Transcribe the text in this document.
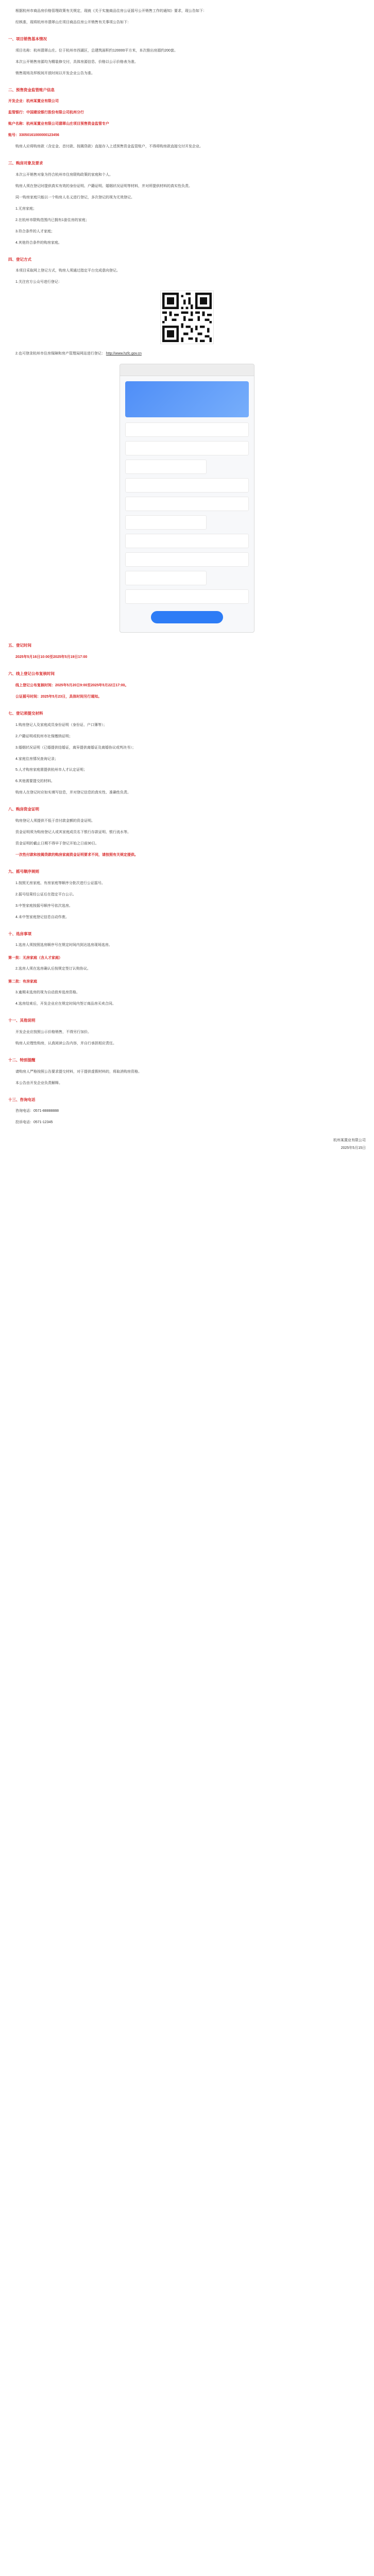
根据杭州市商品房价格管理政策有关规定，现就《关于实施商品住房公证摇号公开销售工作的通知》要求，现公告如下：

经核准，现将杭州市翡翠山庄项目商品住房公开销售有关事项公告如下：

一、项目销售基本情况

项目名称：杭州翡翠山庄。位于杭州市西湖区，总建筑面积约120000平方米，本次推出房源约200套。

本次公开销售房源均为精装修交付，具体房源信息、价格以公示价格表为准。

销售现场及样板间开放时间以开发企业公告为准。

二、预售资金监管账户信息

开发企业：杭州某置业有限公司

监管银行：中国建设银行股份有限公司杭州分行

账户名称：杭州某置业有限公司翡翠山庄项目预售资金监管专户

账号：33050161000000123456

购房人应将购房款（含定金、首付款、按揭贷款）直接存入上述预售资金监管账户，不得将购房款直接交付开发企业。

三、购房对象及要求

本次公开销售对象为符合杭州市住房限购政策的家庭和个人。

购房人须在登记时提供真实有效的身份证明、户籍证明、婚姻状况证明等材料，并对所提供材料的真实性负责。

同一购房家庭只能以一个购房人名义进行登记，多次登记的视为无效登记。

1.无房家庭；

2.在杭州市限购范围内已拥有1套住房的家庭；

3.符合条件的人才家庭；

4.其他符合条件的购房家庭。

四、登记方式

本项目采取网上登记方式，购房人须通过指定平台完成意向登记。

1.关注官方公众号进行登记：

2.也可登录杭州市住房保障和房产管理局网站进行登记： http://www.hzfc.gov.cn

五、登记时间

2025年5月16日10:00至2025年5月19日17:00

六、线上登记公布复核时间

线上登记公布复核时间：2025年5月20日9:00至2025年5月22日17:00。

公证摇号时间：2025年5月23日，具体时间另行通知。

七、登记须提交材料

1.购房登记人及家庭成员身份证明（身份证、户口簿等）；

2.户籍证明或杭州市社保缴纳证明；

3.婚姻状况证明（已婚提供结婚证，离异提供离婚证及离婚协议或判决书）；

4.家庭住房情况查询记录；

5.人才购房家庭需提供杭州市人才认定证明；

6.其他需要提交的材料。

购房人在登记时应如实填写信息，并对登记信息的真实性、准确性负责。

八、购房资金证明

购房登记人须提供不低于首付款金额的资金证明。

资金证明须为购房登记人或其家庭成员名下银行存款证明、银行流水等。

资金证明的截止日期不得早于登记开始之日前30日。

一次性付款和按揭贷款的购房家庭资金证明要求不同，请按照有关规定提供。

九、摇号顺序规则

1.按照无房家庭、有房家庭等顺序分批次进行公证摇号。

2.摇号结果经公证后在指定平台公示。

3.中签家庭按摇号顺序号依次选房。

4.未中签家庭登记信息自动作废。

十、选房事项

1.选房人须按照选房顺序号在规定时间内到达选房现场选房。

第一批：无房家庭（含人才家庭）

2.选房人须在选房确认后按规定签订认购协议。

第二批：有房家庭

3.逾期未选房的视为自动放弃选房资格。

4.选房结束后，开发企业应在规定时间内签订商品房买卖合同。

十一、其他说明

开发企业应按照公示价格销售，不得另行加价。

购房人应理性购房，认真阅读公告内容，并自行承担相应责任。

十二、特别提醒

请购房人严格按照公告要求提交材料，对于提供虚假材料的，将取消购房资格。

本公告由开发企业负责解释。

十三、咨询电话

咨询电话：0571-88888888

投诉电话：0571-12345

杭州某置业有限公司

2025年5月15日
